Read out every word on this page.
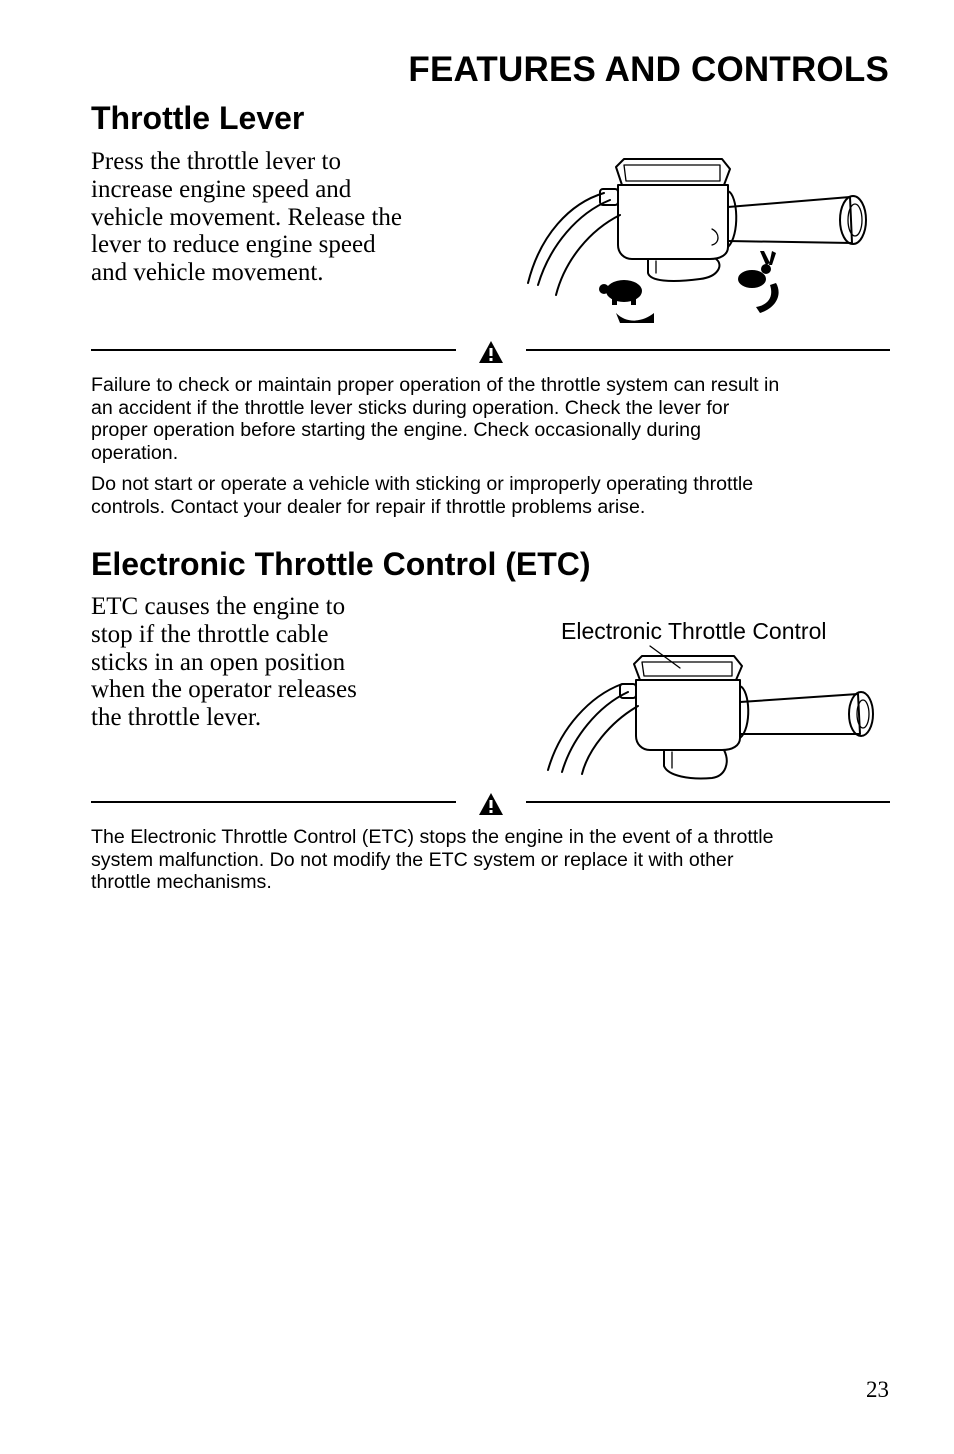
FEATURES AND CONTROLS
Throttle Lever

Press the throttle lever to
increase engine speed and
vehicle movement. Release the
lever to reduce engine speed
and vehicle movement.

Failure to check or maintain proper operation of the throttle system can result in
an accident if the throttle lever sticks during operation. Check the lever for
proper operation before starting the engine. Check occasionally during
operation.

Do not start or operate a vehicle with sticking or improperly operating throttle
controls. Contact your dealer for repair if throttle problems arise.

Electronic Throttle Control (ETC)

ETC causes the engine to
stop if the throttle cable
sticks in an open position
when the operator releases
the throttle lever.

Electronic Throttle Control

The Electronic Throttle Control (ETC) stops the engine in the event of a throttle
system malfunction. Do not modify the ETC system or replace it with other
throttle mechanisms.

23
